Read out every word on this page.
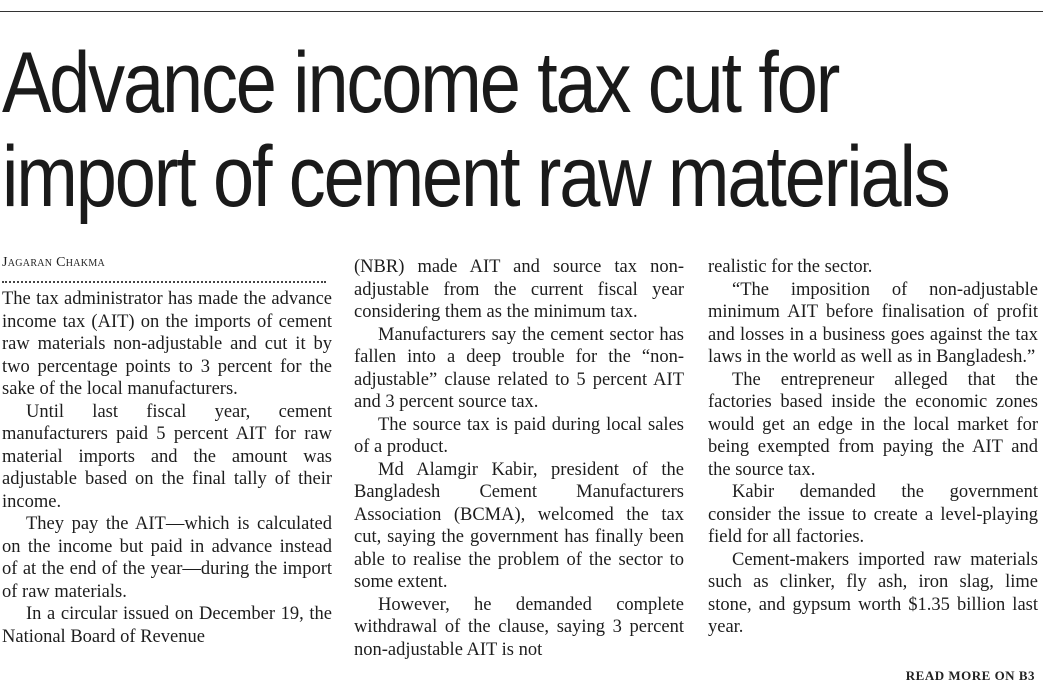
Advance income tax cut for
import of cement raw materials
Jagaran Chakma

The tax administrator has made the advance income tax (AIT) on the imports of cement raw materials non-adjustable and cut it by two percentage points to 3 percent for the sake of the local manufacturers.

Until last fiscal year, cement manufacturers paid 5 percent AIT for raw material imports and the amount was adjustable based on the final tally of their income.

They pay the AIT—which is calculated on the income but paid in advance instead of at the end of the year—during the import of raw materials.

In a circular issued on December 19, the National Board of Revenue

(NBR) made AIT and source tax non-adjustable from the current fiscal year considering them as the minimum tax.

Manufacturers say the cement sector has fallen into a deep trouble for the “non-adjustable” clause related to 5 percent AIT and 3 percent source tax.

The source tax is paid during local sales of a product.

Md Alamgir Kabir, president of the Bangladesh Cement Manufacturers Association (BCMA), welcomed the tax cut, saying the government has finally been able to realise the problem of the sector to some extent.

However, he demanded complete withdrawal of the clause, saying 3 percent non-adjustable AIT is not

realistic for the sector.

“The imposition of non-adjustable minimum AIT before finalisation of profit and losses in a business goes against the tax laws in the world as well as in Bangladesh.”

The entrepreneur alleged that the factories based inside the economic zones would get an edge in the local market for being exempted from paying the AIT and the source tax.

Kabir demanded the government consider the issue to create a level-playing field for all factories.

Cement-makers imported raw materials such as clinker, fly ash, iron slag, lime stone, and gypsum worth $1.35 billion last year.

READ MORE ON B3
